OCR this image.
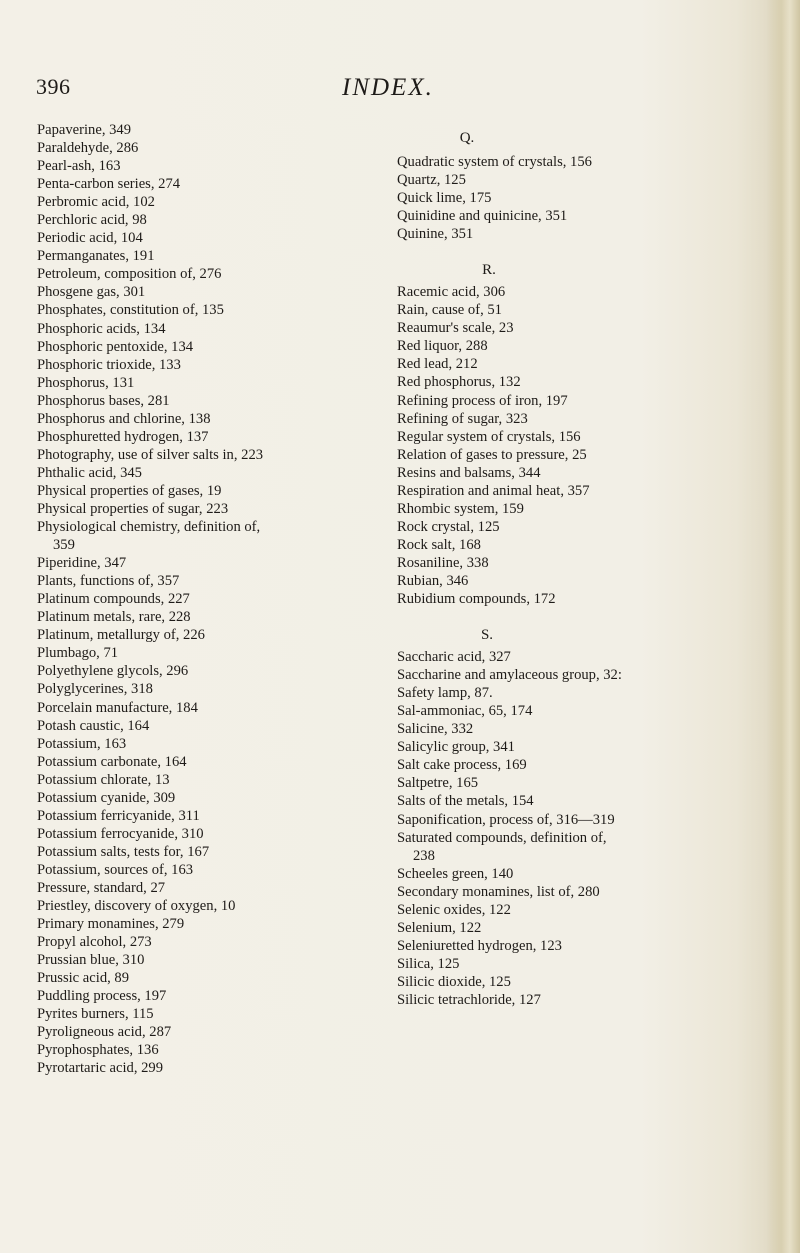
396	INDEX.
Papaverine, 349
Paraldehyde, 286
Pearl-ash, 163
Penta-carbon series, 274
Perbromic acid, 102
Perchloric acid, 98
Periodic acid, 104
Permanganates, 191
Petroleum, composition of, 276
Phosgene gas, 301
Phosphates, constitution of, 135
Phosphoric acids, 134
Phosphoric pentoxide, 134
Phosphoric trioxide, 133
Phosphorus, 131
Phosphorus bases, 281
Phosphorus and chlorine, 138
Phosphuretted hydrogen, 137
Photography, use of silver salts in, 223
Phthalic acid, 345
Physical properties of gases, 19
Physical properties of sugar, 223
Physiological chemistry, definition of,
359
Piperidine, 347
Plants, functions of, 357
Platinum compounds, 227
Platinum metals, rare, 228
Platinum, metallurgy of, 226
Plumbago, 71
Polyethylene glycols, 296
Polyglycerines, 318
Porcelain manufacture, 184
Potash caustic, 164
Potassium, 163
Potassium carbonate, 164
Potassium chlorate, 13
Potassium cyanide, 309
Potassium ferricyanide, 311
Potassium ferrocyanide, 310
Potassium salts, tests for, 167
Potassium, sources of, 163
Pressure, standard, 27
Priestley, discovery of oxygen, 10
Primary monamines, 279
Propyl alcohol, 273
Prussian blue, 310
Prussic acid, 89
Puddling process, 197
Pyrites burners, 115
Pyroligneous acid, 287
Pyrophosphates, 136
Pyrotartaric acid, 299
Q.
Quadratic system of crystals, 156
Quartz, 125
Quick lime, 175
Quinidine and quinicine, 351
Quinine, 351
R.
Racemic acid, 306
Rain, cause of, 51
Reaumur's scale, 23
Red liquor, 288
Red lead, 212
Red phosphorus, 132
Refining process of iron, 197
Refining of sugar, 323
Regular system of crystals, 156
Relation of gases to pressure, 25
Resins and balsams, 344
Respiration and animal heat, 357
Rhombic system, 159
Rock crystal, 125
Rock salt, 168
Rosaniline, 338
Rubian, 346
Rubidium compounds, 172
S.
Saccharic acid, 327
Saccharine and amylaceous group, 32:
Safety lamp, 87.
Sal-ammoniac, 65, 174
Salicine, 332
Salicylic group, 341
Salt cake process, 169
Saltpetre, 165
Salts of the metals, 154
Saponification, process of, 316—319
Saturated compounds, definition of,
238
Scheeles green, 140
Secondary monamines, list of, 280
Selenic oxides, 122
Selenium, 122
Seleniuretted hydrogen, 123
Silica, 125
Silicic dioxide, 125
Silicic tetrachloride, 127
